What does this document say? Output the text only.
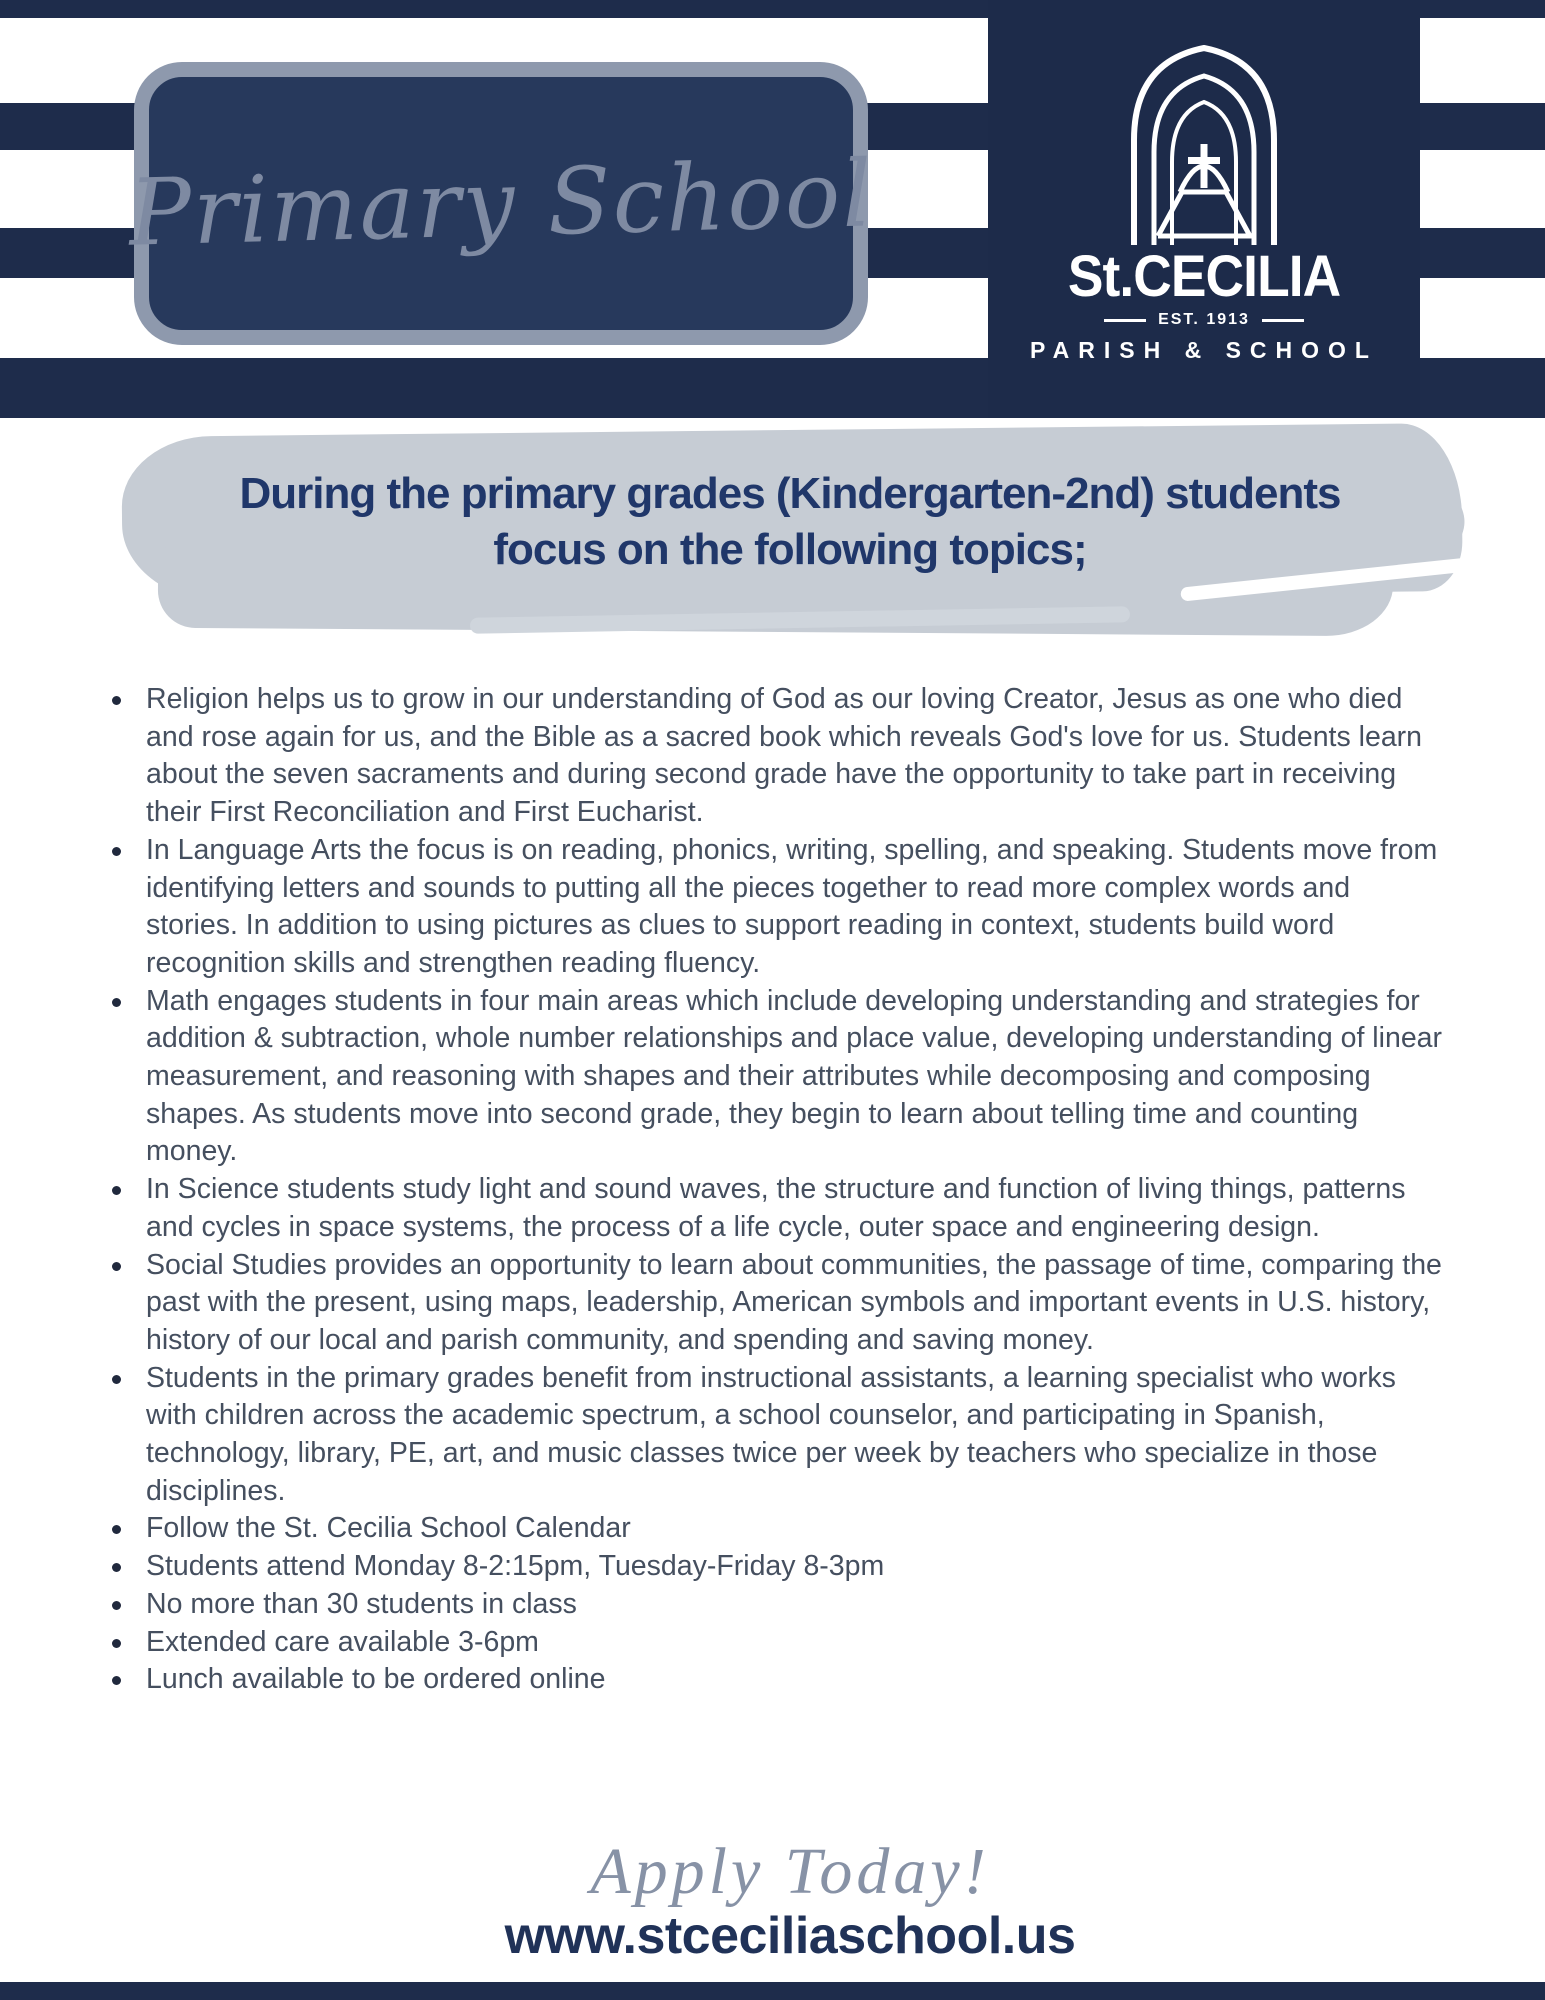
Primary School
St.CECILIA
EST. 1913
PARISH & SCHOOL
During the primary grades (Kindergarten-2nd) students
focus on the following topics;
Religion helps us to grow in our understanding of God as our loving Creator, Jesus as one who died and rose again for us, and the Bible as a sacred book which reveals God's love for us. Students learn about the seven sacraments and during second grade have the opportunity to take part in receiving their First Reconciliation and First Eucharist.
In Language Arts the focus is on reading, phonics, writing, spelling, and speaking. Students move from identifying letters and sounds to putting all the pieces together to read more complex words and stories. In addition to using pictures as clues to support reading in context, students build word recognition skills and strengthen reading fluency.
Math engages students in four main areas which include developing understanding and strategies for addition & subtraction, whole number relationships and place value, developing understanding of linear measurement, and reasoning with shapes and their attributes while decomposing and composing shapes. As students move into second grade, they begin to learn about telling time and counting money.
In Science students study light and sound waves, the structure and function of living things, patterns and cycles in space systems, the process of a life cycle, outer space and engineering design.
Social Studies provides an opportunity to learn about communities, the passage of time, comparing the past with the present, using maps, leadership, American symbols and important events in U.S. history, history of our local and parish community, and spending and saving money.
Students in the primary grades benefit from instructional assistants, a learning specialist who works with children across the academic spectrum, a school counselor, and participating in Spanish, technology, library, PE, art, and music classes twice per week by teachers who specialize in those disciplines.
Follow the St. Cecilia School Calendar
Students attend Monday 8-2:15pm, Tuesday-Friday 8-3pm
No more than 30 students in class
Extended care available 3-6pm
Lunch available to be ordered online
Apply Today!
www.stceciliaschool.us
